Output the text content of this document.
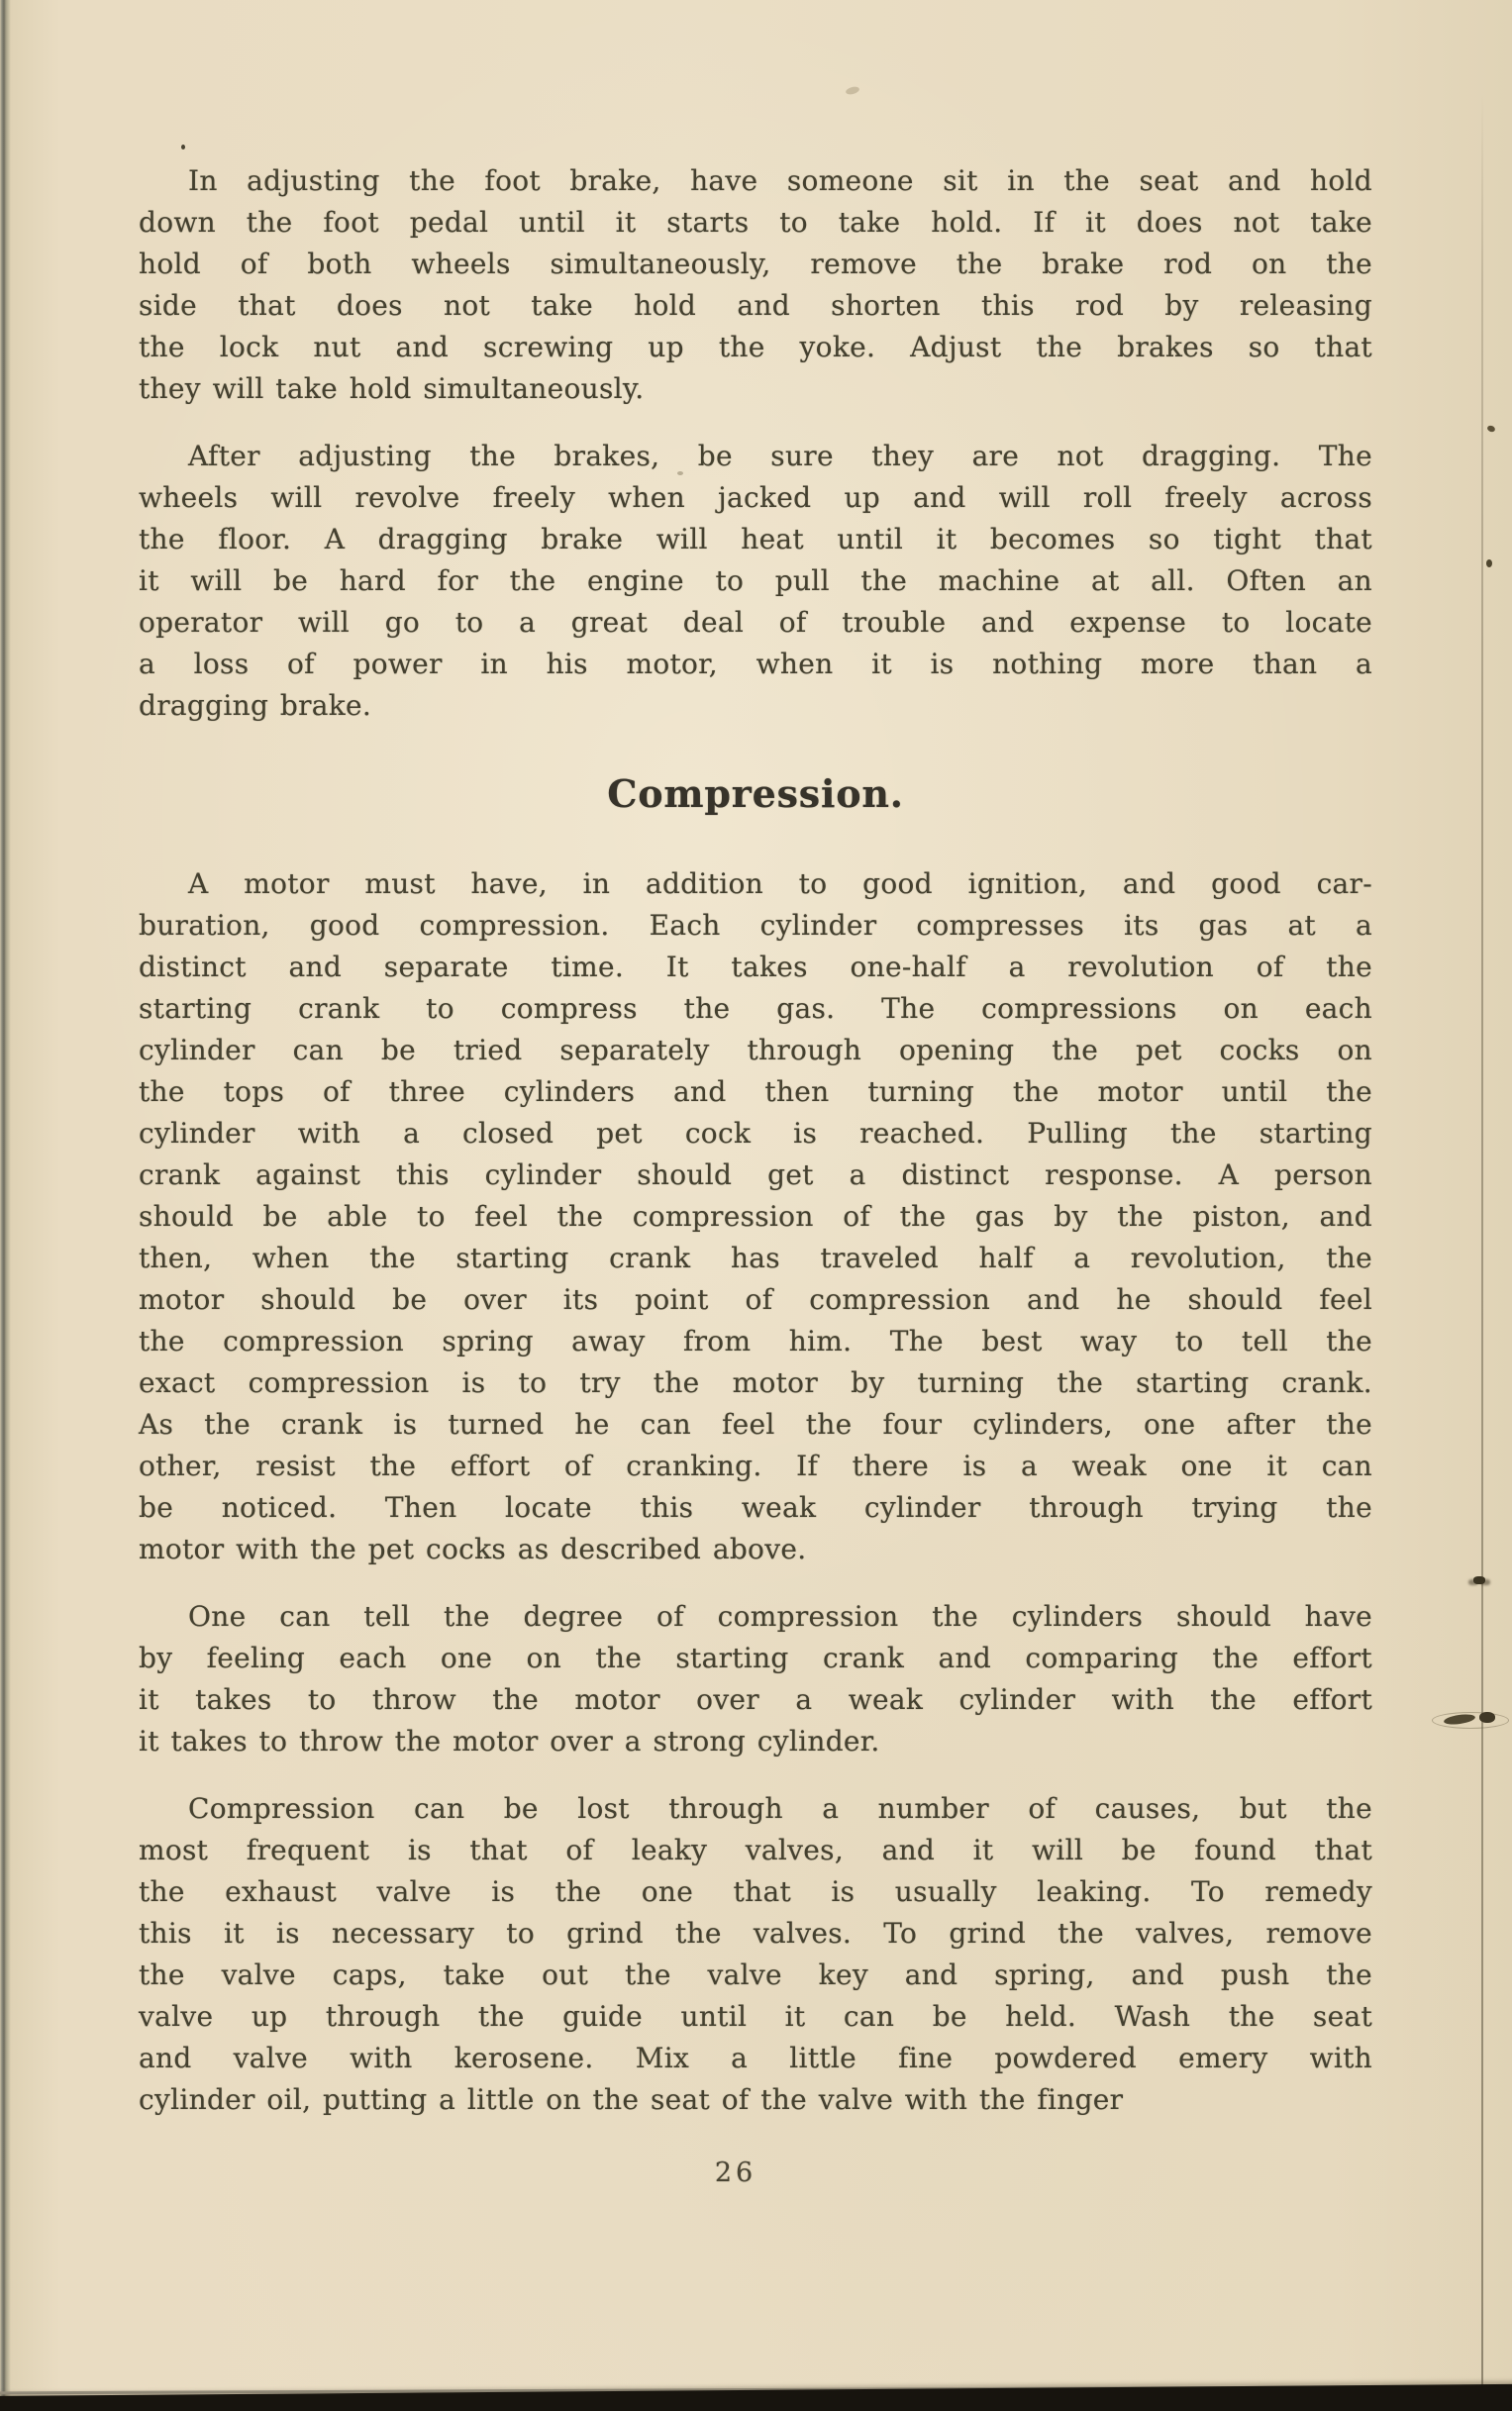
In adjusting the foot brake, have someone sit in the seat and hold
down the foot pedal until it starts to take hold. If it does not take
hold of both wheels simultaneously, remove the brake rod on the
side that does not take hold and shorten this rod by releasing
the lock nut and screwing up the yoke. Adjust the brakes so that
they will take hold simultaneously.
After adjusting the brakes, be sure they are not dragging. The
wheels will revolve freely when jacked up and will roll freely across
the floor. A dragging brake will heat until it becomes so tight that
it will be hard for the engine to pull the machine at all. Often an
operator will go to a great deal of trouble and expense to locate
a loss of power in his motor, when it is nothing more than a
dragging brake.
Compression.
A motor must have, in addition to good ignition, and good car-
buration, good compression. Each cylinder compresses its gas at a
distinct and separate time. It takes one-half a revolution of the
starting crank to compress the gas. The compressions on each
cylinder can be tried separately through opening the pet cocks on
the tops of three cylinders and then turning the motor until the
cylinder with a closed pet cock is reached. Pulling the starting
crank against this cylinder should get a distinct response. A person
should be able to feel the compression of the gas by the piston, and
then, when the starting crank has traveled half a revolution, the
motor should be over its point of compression and he should feel
the compression spring away from him. The best way to tell the
exact compression is to try the motor by turning the starting crank.
As the crank is turned he can feel the four cylinders, one after the
other, resist the effort of cranking. If there is a weak one it can
be noticed. Then locate this weak cylinder through trying the
motor with the pet cocks as described above.
One can tell the degree of compression the cylinders should have
by feeling each one on the starting crank and comparing the effort
it takes to throw the motor over a weak cylinder with the effort
it takes to throw the motor over a strong cylinder.
Compression can be lost through a number of causes, but the
most frequent is that of leaky valves, and it will be found that
the exhaust valve is the one that is usually leaking. To remedy
this it is necessary to grind the valves. To grind the valves, remove
the valve caps, take out the valve key and spring, and push the
valve up through the guide until it can be held. Wash the seat
and valve with kerosene. Mix a little fine powdered emery with
cylinder oil, putting a little on the seat of the valve with the finger
26
